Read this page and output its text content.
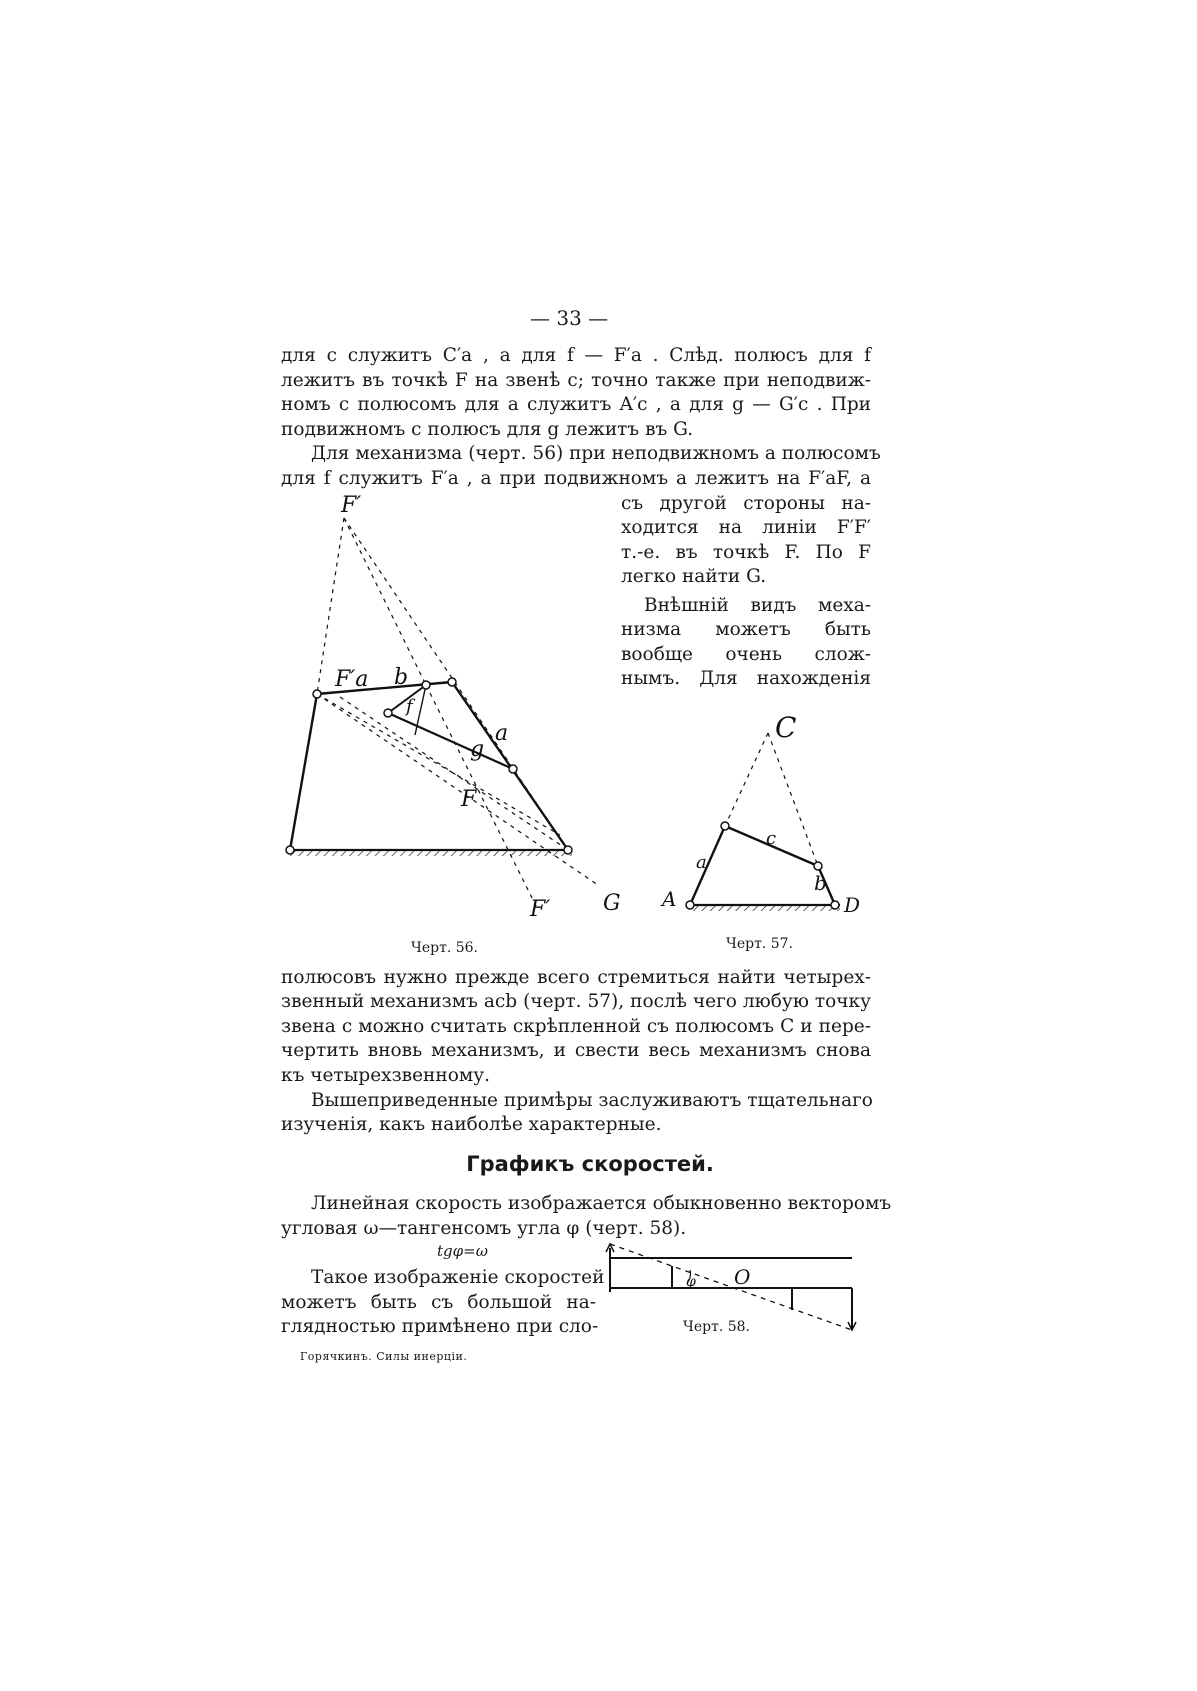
— 33 —
для c служитъ C′a , а для f — F′a . Слѣд. полюсъ для f
лежитъ въ точкѣ F на звенѣ c; точно также при неподвиж-
номъ c полюсомъ для a служитъ A′c , а для g — G′c . При
подвижномъ c полюсъ для g лежитъ въ G.
Для механизма (черт. 56) при неподвижномъ a полюсомъ
для f служитъ F′a , а при подвижномъ a лежитъ на F′aF, а
съ другой стороны на-
ходится на линіи F′F′
т.-е. въ точкѣ F. По F
легко найти G.
Внѣшній видъ меха-
низма можетъ быть
вообще очень слож-
нымъ. Для нахожденія
F′
F′a b
f
a
g
F
F′ G
C
c
a
b
A	D
O
φ
Черт. 56.	Черт. 57.
полюсовъ нужно прежде всего стремиться найти четырех-
звенный механизмъ acb (черт. 57), послѣ чего любую точку
звена c можно считать скрѣпленной съ полюсомъ C и пере-
чертить вновь механизмъ, и свести весь механизмъ снова
къ четырехзвенному.
Вышеприведенные примѣры заслуживаютъ тщательнаго
изученія, какъ наиболѣе характерные.
Графикъ скоростей.
Линейная скорость изображается обыкновенно векторомъ
угловая ω—тангенсомъ угла φ (черт. 58).
tgφ=ω
Такое изображеніе скоростей
можетъ быть съ большой на-
глядностью примѣнено при сло-	Черт. 58.
Горячкинъ. Силы инерціи.
